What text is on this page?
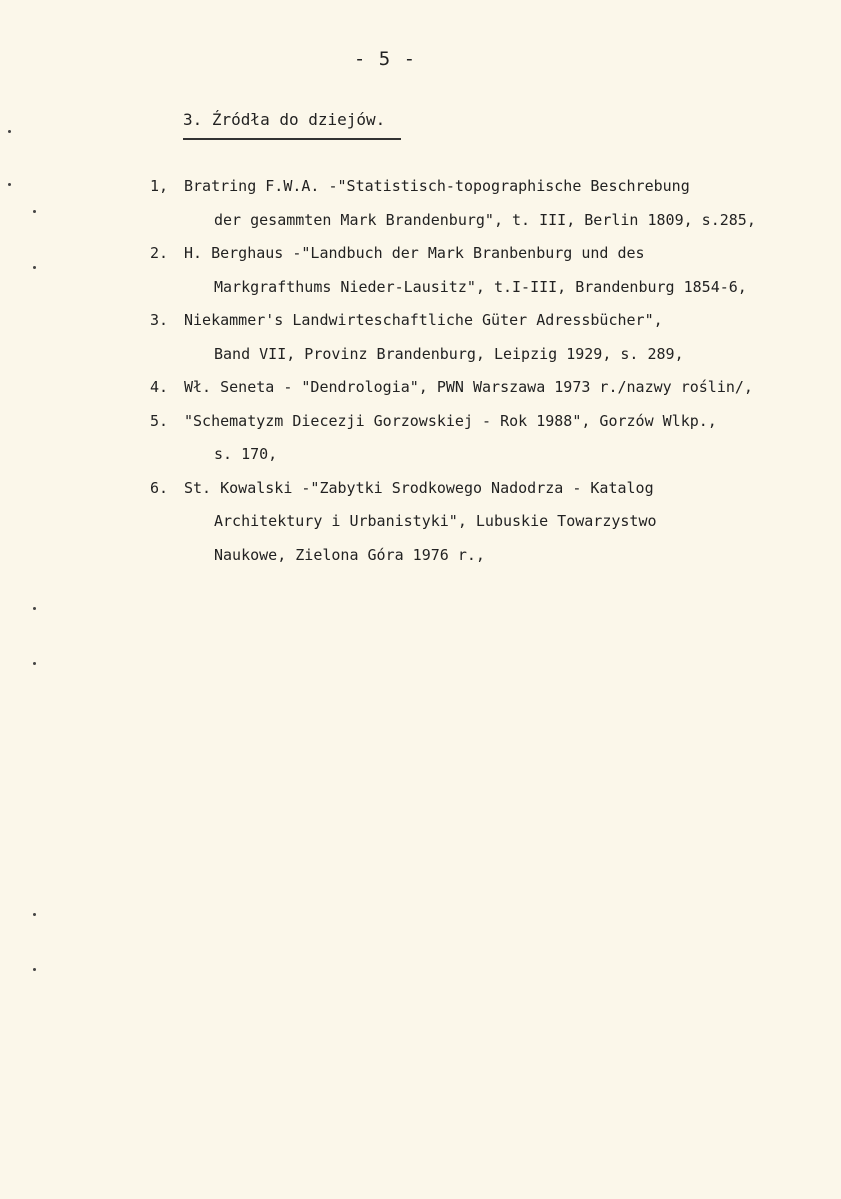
- 5 -
3. Źródła do dziejów.
1, Bratring F.W.A. -"Statistisch-topographische Beschrebung
der gesammten Mark Brandenburg", t. III, Berlin 1809, s.285,
2. H. Berghaus -"Landbuch der Mark Branbenburg und des
Markgrafthums Nieder-Lausitz", t.I-III, Brandenburg 1854-6,
3. Niekammer's Landwirteschaftliche Güter Adressbücher",
Band VII, Provinz Brandenburg, Leipzig 1929, s. 289,
4. Wł. Seneta - "Dendrologia", PWN Warszawa 1973 r./nazwy roślin/,
5. "Schematyzm Diecezji Gorzowskiej - Rok 1988", Gorzów Wlkp.,
s. 170,
6. St. Kowalski -"Zabytki Srodkowego Nadodrza - Katalog
Architektury i Urbanistyki", Lubuskie Towarzystwo
Naukowe, Zielona Góra 1976 r.,
